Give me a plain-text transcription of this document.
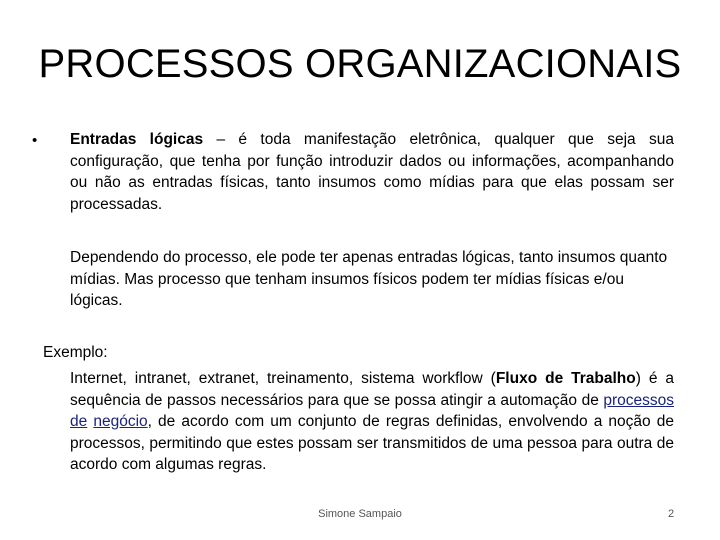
PROCESSOS ORGANIZACIONAIS
• Entradas lógicas – é toda manifestação eletrônica, qualquer que seja sua configuração, que tenha por função introduzir dados ou informações, acompanhando ou não as entradas físicas, tanto insumos como mídias para que elas possam ser processadas.
Dependendo do processo, ele pode ter apenas entradas lógicas, tanto insumos quanto mídias. Mas processo que tenham insumos físicos podem ter mídias físicas e/ou lógicas.
Exemplo:
Internet, intranet, extranet, treinamento, sistema workflow (Fluxo de Trabalho) é a sequência de passos necessários para que se possa atingir a automação de processos de negócio, de acordo com um conjunto de regras definidas, envolvendo a noção de processos, permitindo que estes possam ser transmitidos de uma pessoa para outra de acordo com algumas regras.
Simone Sampaio	2
